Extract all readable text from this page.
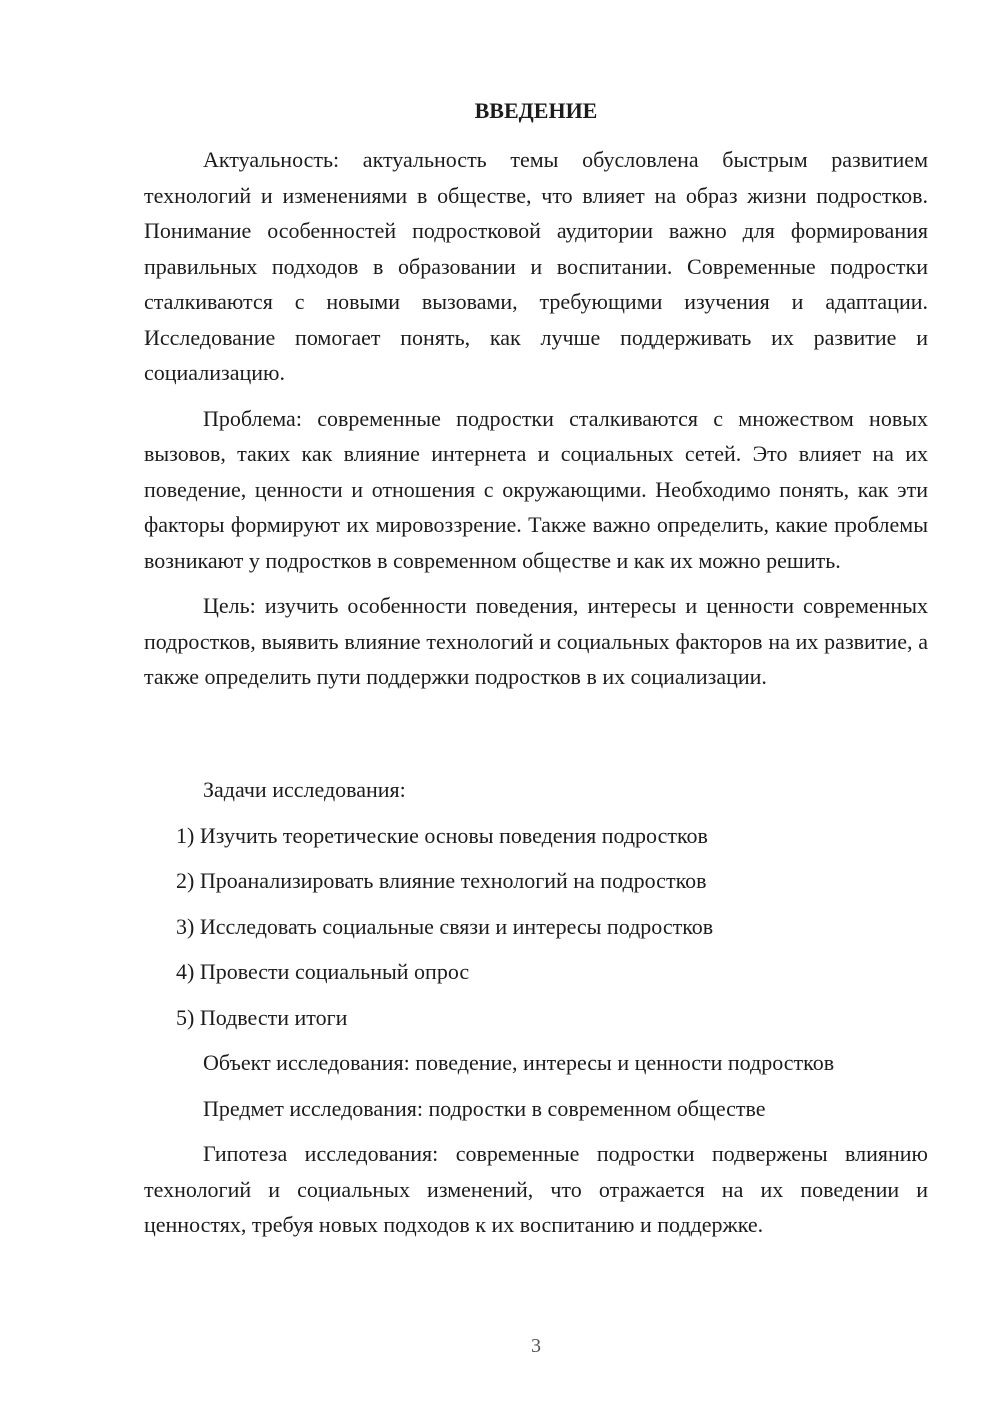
ВВЕДЕНИЕ

Актуальность: актуальность темы обусловлена быстрым развитием технологий и изменениями в обществе, что влияет на образ жизни подростков. Понимание особенностей подростковой аудитории важно для формирования правильных подходов в образовании и воспитании. Современные подростки сталкиваются с новыми вызовами, требующими изучения и адаптации. Исследование помогает понять, как лучше поддерживать их развитие и социализацию.

Проблема: современные подростки сталкиваются с множеством новых вызовов, таких как влияние интернета и социальных сетей. Это влияет на их поведение, ценности и отношения с окружающими. Необходимо понять, как эти факторы формируют их мировоззрение. Также важно определить, какие проблемы возникают у подростков в современном обществе и как их можно решить.

Цель: изучить особенности поведения, интересы и ценности современных подростков, выявить влияние технологий и социальных факторов на их развитие, а также определить пути поддержки подростков в их социализации.

Задачи исследования:

1) Изучить теоретические основы поведения подростков

2) Проанализировать влияние технологий на подростков

3) Исследовать социальные связи и интересы подростков

4) Провести социальный опрос

5) Подвести итоги

Объект исследования: поведение, интересы и ценности подростков

Предмет исследования: подростки в современном обществе

Гипотеза исследования: современные подростки подвержены влиянию технологий и социальных изменений, что отражается на их поведении и ценностях, требуя новых подходов к их воспитанию и поддержке.

3
